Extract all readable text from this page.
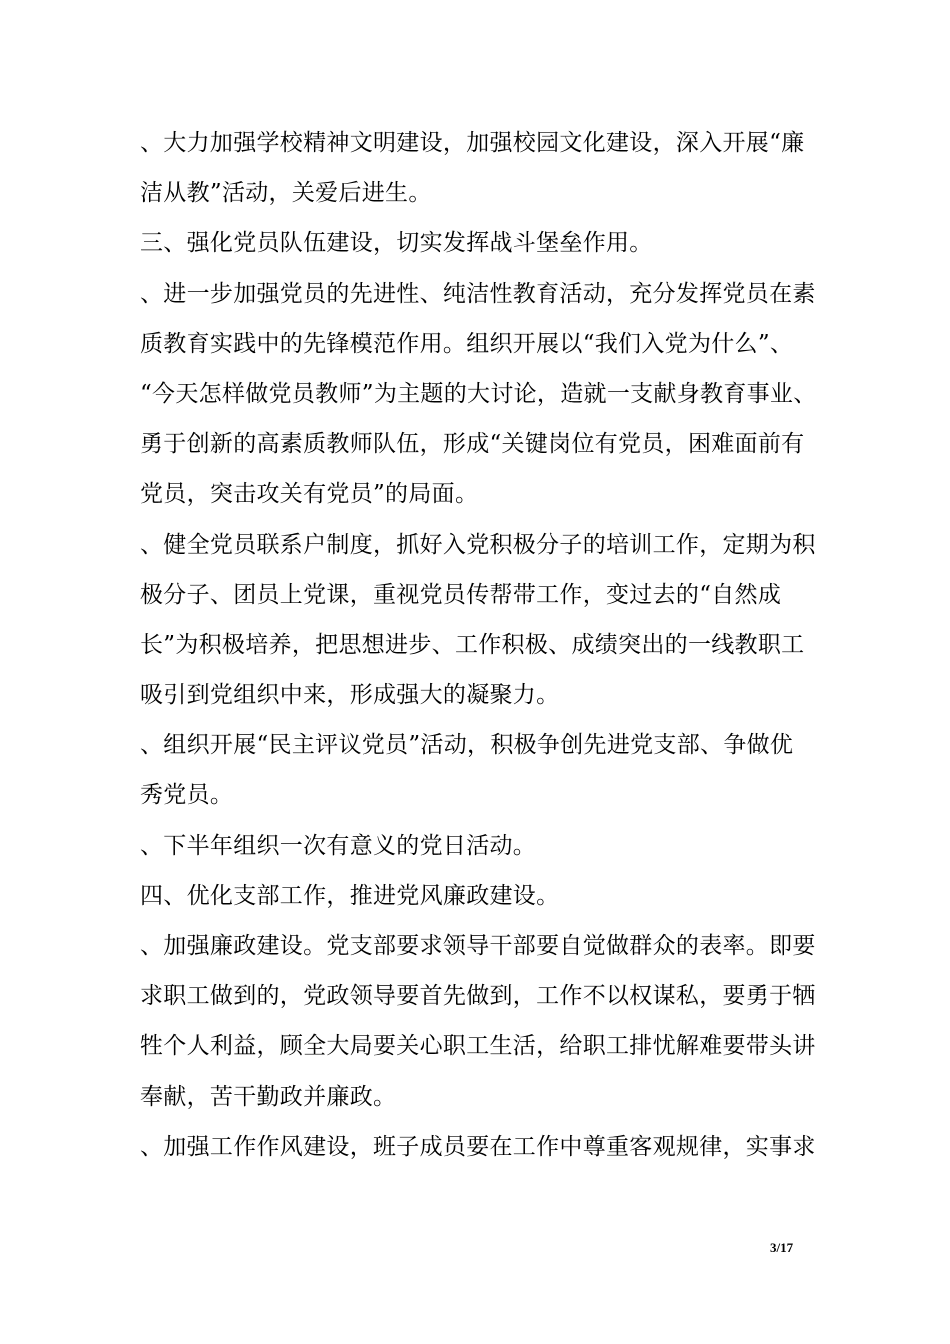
、大力加强学校精神文明建设，加强校园文化建设，深入开展“廉
洁从教”活动，关爱后进生。
三、强化党员队伍建设，切实发挥战斗堡垒作用。
、进一步加强党员的先进性、纯洁性教育活动，充分发挥党员在素
质教育实践中的先锋模范作用。组织开展以“我们入党为什么”、
“今天怎样做党员教师”为主题的大讨论，造就一支献身教育事业、
勇于创新的高素质教师队伍，形成“关键岗位有党员，困难面前有
党员，突击攻关有党员”的局面。
、健全党员联系户制度，抓好入党积极分子的培训工作，定期为积
极分子、团员上党课，重视党员传帮带工作，变过去的“自然成
长”为积极培养，把思想进步、工作积极、成绩突出的一线教职工
吸引到党组织中来，形成强大的凝聚力。
、组织开展“民主评议党员”活动，积极争创先进党支部、争做优
秀党员。
、下半年组织一次有意义的党日活动。
四、优化支部工作，推进党风廉政建设。
、加强廉政建设。党支部要求领导干部要自觉做群众的表率。即要
求职工做到的，党政领导要首先做到，工作不以权谋私，要勇于牺
牲个人利益，顾全大局要关心职工生活，给职工排忧解难要带头讲
奉献，苦干勤政并廉政。
、加强工作作风建设，班子成员要在工作中尊重客观规律，实事求
3/17
